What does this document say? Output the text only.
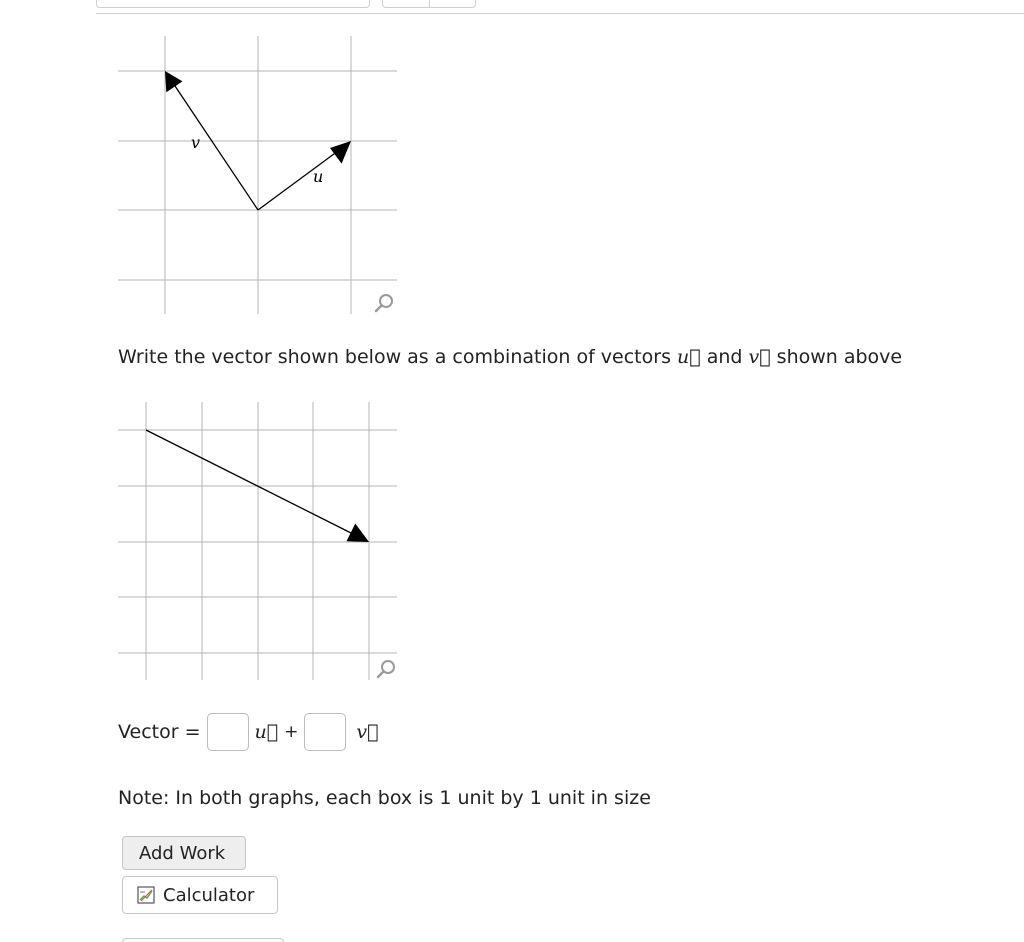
v
u
Write the vector shown below as a combination of vectors u⃗ and v⃗ shown above
Vector =	u⃗ +	v⃗
Note: In both graphs, each box is 1 unit by 1 unit in size
Add Work
Calculator
